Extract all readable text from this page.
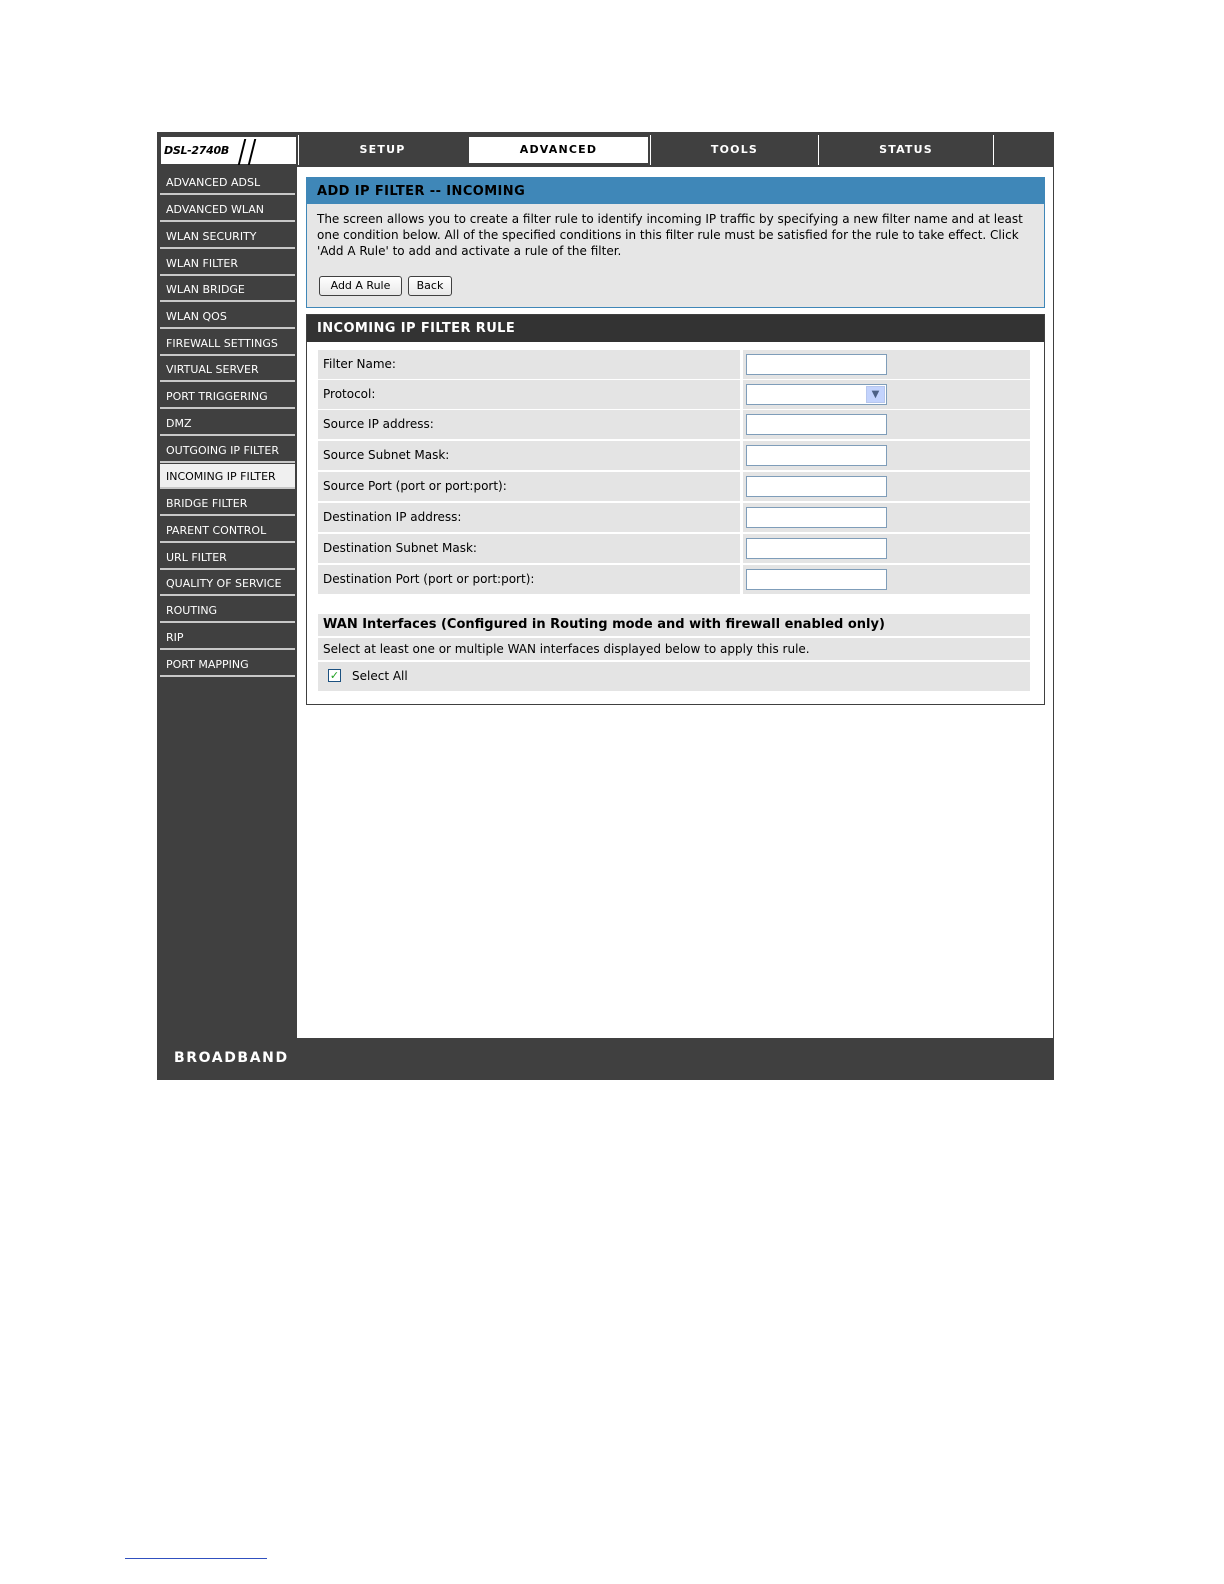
DSL-2740B	SETUP	ADVANCED	TOOLS	STATUS
ADVANCED ADSL
ADVANCED WLAN
WLAN SECURITY
WLAN FILTER
WLAN BRIDGE
WLAN QOS
FIREWALL SETTINGS
VIRTUAL SERVER
PORT TRIGGERING
DMZ
OUTGOING IP FILTER
INCOMING IP FILTER
BRIDGE FILTER
PARENT CONTROL
URL FILTER
QUALITY OF SERVICE
ROUTING
RIP
PORT MAPPING
ADD IP FILTER -- INCOMING
The screen allows you to create a filter rule to identify incoming IP traffic by specifying a new filter name and at least one condition below. All of the specified conditions in this filter rule must be satisfied for the rule to take effect. Click 'Add A Rule' to add and activate a rule of the filter.
Add A Rule	Back
INCOMING IP FILTER RULE
Filter Name:
Protocol:	▼
Source IP address:
Source Subnet Mask:
Source Port (port or port:port):
Destination IP address:
Destination Subnet Mask:
Destination Port (port or port:port):
WAN Interfaces (Configured in Routing mode and with firewall enabled only)
Select at least one or multiple WAN interfaces displayed below to apply this rule.
✓ Select All
BROADBAND
